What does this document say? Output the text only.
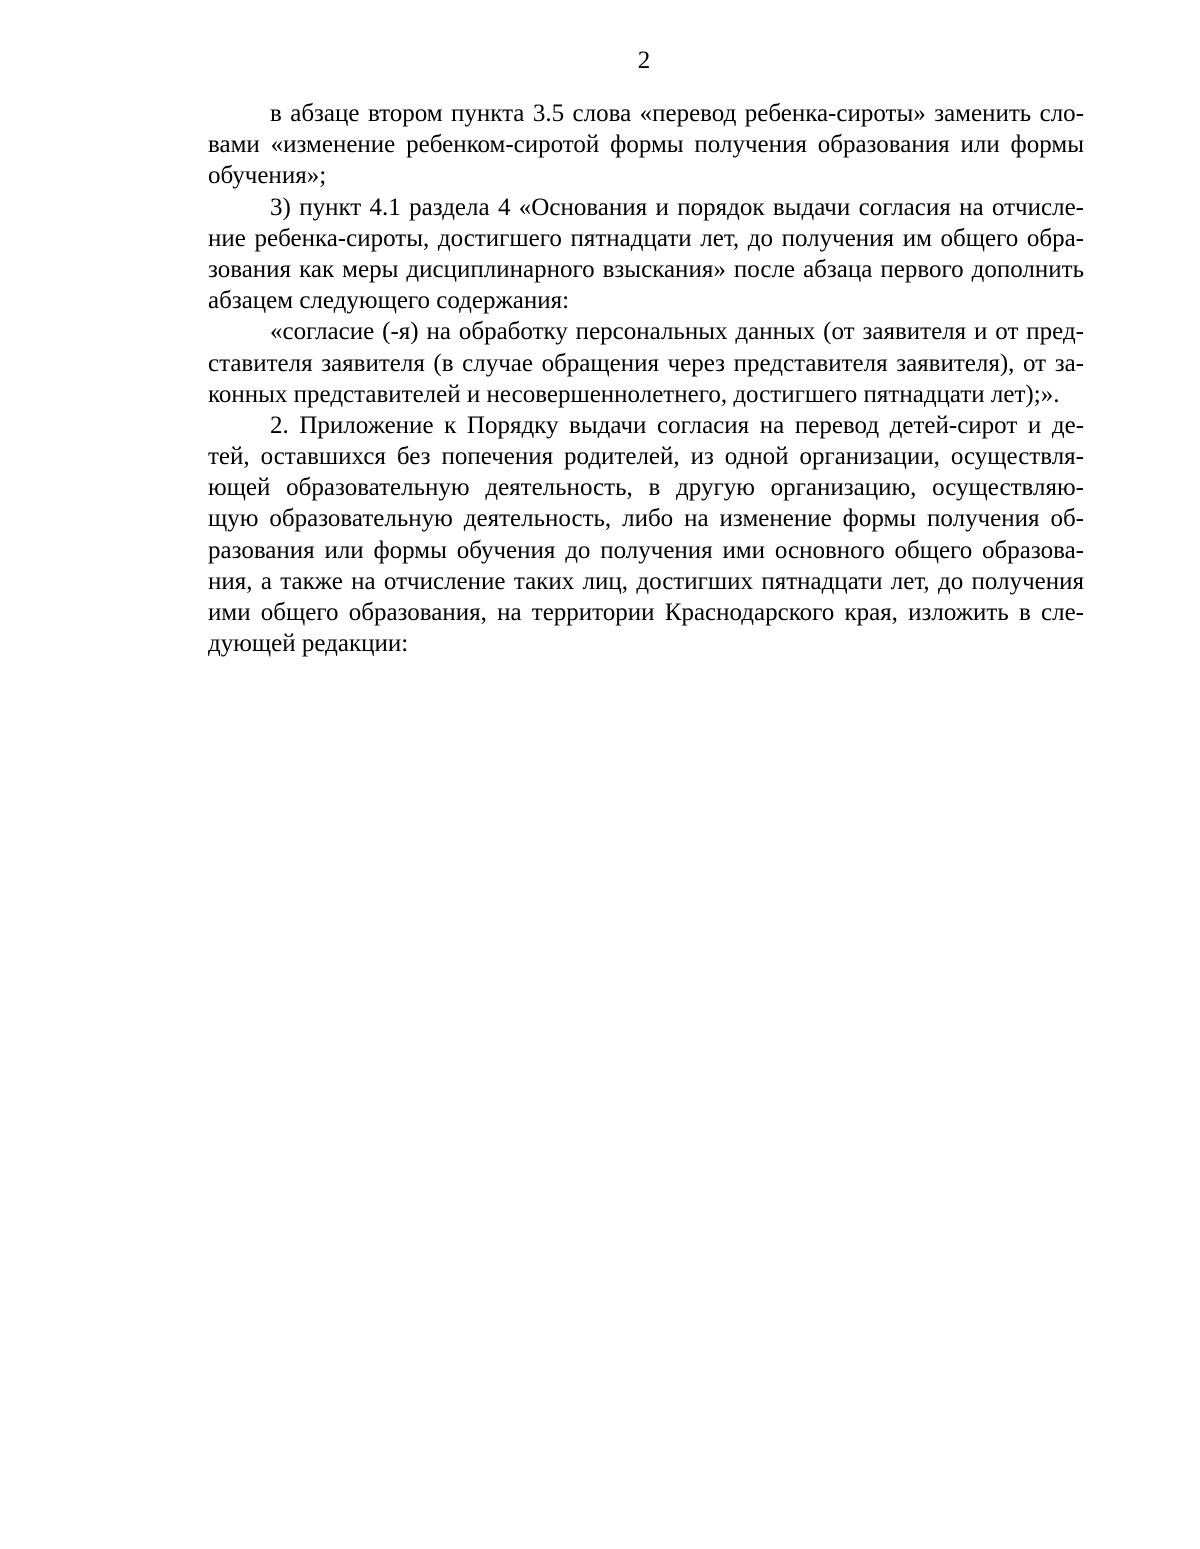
2
в абзаце втором пункта 3.5 слова «перевод ребенка-сироты» заменить сло-
вами «изменение ребенком-сиротой формы получения образования или формы
обучения»;
3) пункт 4.1 раздела 4 «Основания и порядок выдачи согласия на отчисле-
ние ребенка-сироты, достигшего пятнадцати лет, до получения им общего обра-
зования как меры дисциплинарного взыскания» после абзаца первого дополнить
абзацем следующего содержания:
«согласие (-я) на обработку персональных данных (от заявителя и от пред-
ставителя заявителя (в случае обращения через представителя заявителя), от за-
конных представителей и несовершеннолетнего, достигшего пятнадцати лет);».
2. Приложение к Порядку выдачи согласия на перевод детей-сирот и де-
тей, оставшихся без попечения родителей, из одной организации, осуществля-
ющей образовательную деятельность, в другую организацию, осуществляю-
щую образовательную деятельность, либо на изменение формы получения об-
разования или формы обучения до получения ими основного общего образова-
ния, а также на отчисление таких лиц, достигших пятнадцати лет, до получения
ими общего образования, на территории Краснодарского края, изложить в сле-
дующей редакции:
